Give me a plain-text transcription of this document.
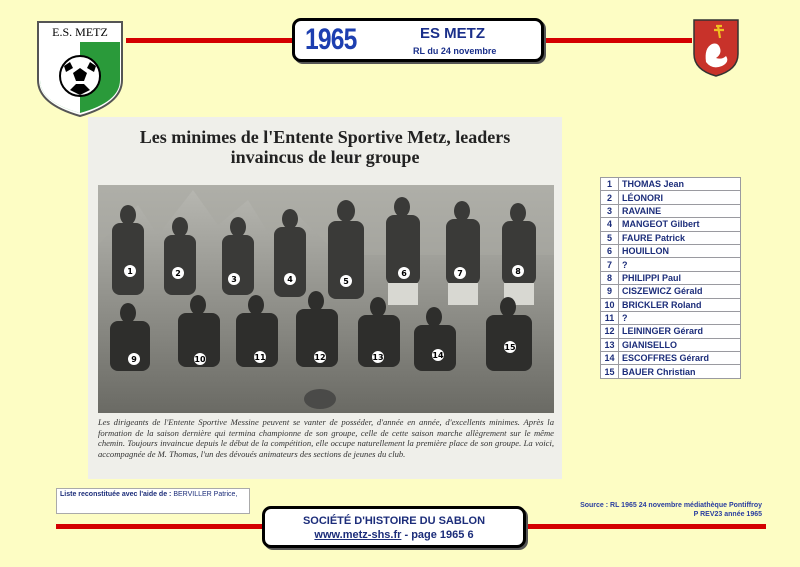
E.S. METZ	1965	ES METZ
RL du 24 novembre
Les minimes de l'Entente Sportive Metz, leaders
invaincus de leur groupe
1	2
3	4	5
6	7	8
9	10	11	12	13	14
15
Les dirigeants de l'Entente Sportive Messine peuvent se vanter de posséder, d'année en année, d'excellents minimes. Après la formation de la saison dernière qui termina championne de son groupe, celle de cette saison marche allègrement sur le même chemin. Toujours invaincue depuis le début de la compétition, elle occupe naturellement la première place de son groupe. La voici, accompagnée de M. Thomas, l'un des dévoués animateurs des sections de jeunes du club.
1	THOMAS Jean
2	LÉONORI
3	RAVAINE
4	MANGEOT Gilbert
5	FAURE Patrick
6	HOUILLON
7	?
8	PHILIPPI Paul
9	CISZEWICZ Gérald
10	BRICKLER Roland
11	?
12	LEININGER Gérard
13	GIANISELLO
14	ESCOFFRES Gérard
15	BAUER Christian
Liste reconstituée avec l'aide de : BERVILLER Patrice,
Source : RL 1965 24 novembre médiathèque Pontiffroy
P REV23 année 1965
SOCIÉTÉ D'HISTOIRE DU SABLON
www.metz-shs.fr - page 1965 6
